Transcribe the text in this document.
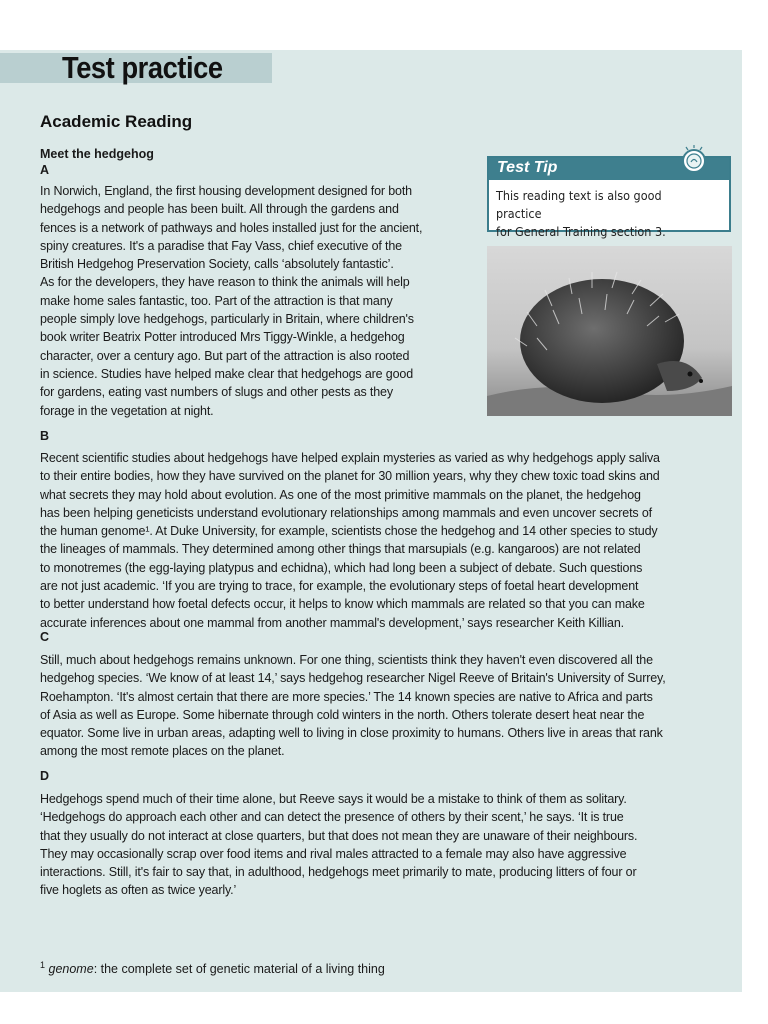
Test practice
Academic Reading
Meet the hedgehog
A
In Norwich, England, the first housing development designed for both
hedgehogs and people has been built. All through the gardens and
fences is a network of pathways and holes installed just for the ancient,
spiny creatures. It's a paradise that Fay Vass, chief executive of the
British Hedgehog Preservation Society, calls ‘absolutely fantastic’.
As for the developers, they have reason to think the animals will help
make home sales fantastic, too. Part of the attraction is that many
people simply love hedgehogs, particularly in Britain, where children's
book writer Beatrix Potter introduced Mrs Tiggy-Winkle, a hedgehog
character, over a century ago. But part of the attraction is also rooted
in science. Studies have helped make clear that hedgehogs are good
for gardens, eating vast numbers of slugs and other pests as they
forage in the vegetation at night.
Test Tip
This reading text is also good practice
for General Training section 3.
B
Recent scientific studies about hedgehogs have helped explain mysteries as varied as why hedgehogs apply saliva
to their entire bodies, how they have survived on the planet for 30 million years, why they chew toxic toad skins and
what secrets they may hold about evolution. As one of the most primitive mammals on the planet, the hedgehog
has been helping geneticists understand evolutionary relationships among mammals and even uncover secrets of
the human genome¹. At Duke University, for example, scientists chose the hedgehog and 14 other species to study
the lineages of mammals. They determined among other things that marsupials (e.g. kangaroos) are not related
to monotremes (the egg-laying platypus and echidna), which had long been a subject of debate. Such questions
are not just academic. ‘If you are trying to trace, for example, the evolutionary steps of foetal heart development
to better understand how foetal defects occur, it helps to know which mammals are related so that you can make
accurate inferences about one mammal from another mammal's development,’ says researcher Keith Killian.
C
Still, much about hedgehogs remains unknown. For one thing, scientists think they haven't even discovered all the
hedgehog species. ‘We know of at least 14,’ says hedgehog researcher Nigel Reeve of Britain's University of Surrey,
Roehampton. ‘It's almost certain that there are more species.’ The 14 known species are native to Africa and parts
of Asia as well as Europe. Some hibernate through cold winters in the north. Others tolerate desert heat near the
equator. Some live in urban areas, adapting well to living in close proximity to humans. Others live in areas that rank
among the most remote places on the planet.
D
Hedgehogs spend much of their time alone, but Reeve says it would be a mistake to think of them as solitary.
‘Hedgehogs do approach each other and can detect the presence of others by their scent,’ he says. ‘It is true
that they usually do not interact at close quarters, but that does not mean they are unaware of their neighbours.
They may occasionally scrap over food items and rival males attracted to a female may also have aggressive
interactions. Still, it's fair to say that, in adulthood, hedgehogs meet primarily to mate, producing litters of four or
five hoglets as often as twice yearly.’
$^1$ genome: the complete set of genetic material of a living thing
